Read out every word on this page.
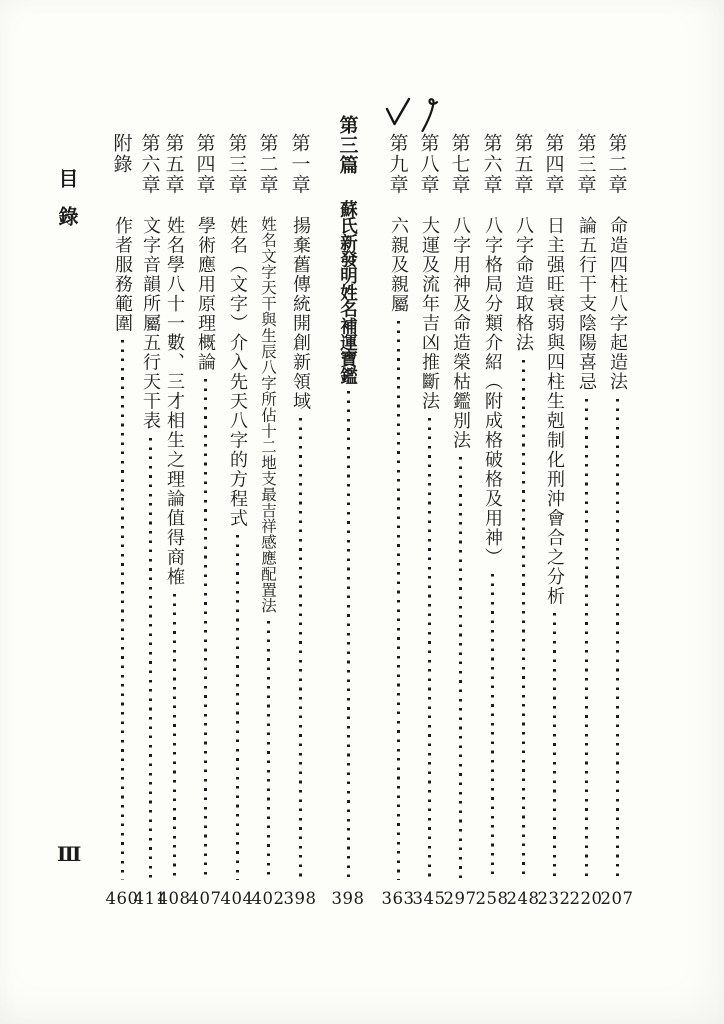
目錄
Ⅲ
第二章
命造四柱八字起造法
207
第三章
論五行干支陰陽喜忌
220
第四章
日主强旺衰弱與四柱生剋制化刑沖會合之分析
232
第五章
八字命造取格法
248
第六章
八字格局分類介紹（附成格破格及用神）
258
第七章
八字用神及命造榮枯鑑別法
297
第八章
大運及流年吉凶推斷法
345
第九章
六親及親屬
363
第三篇
蘇氏新發明姓名補運寶鑑
398
第一章
揚棄舊傳統開創新領域
398
第二章
姓名文字天干與生辰八字所佔十二地支最吉祥感應配置法
402
第三章
姓名（文字）介入先天八字的方程式
404
第四章
學術應用原理概論
407
第五章
姓名學八十一數、三才相生之理論值得商榷
408
第六章
文字音韻所屬五行天干表
411
附錄
作者服務範圍
460
